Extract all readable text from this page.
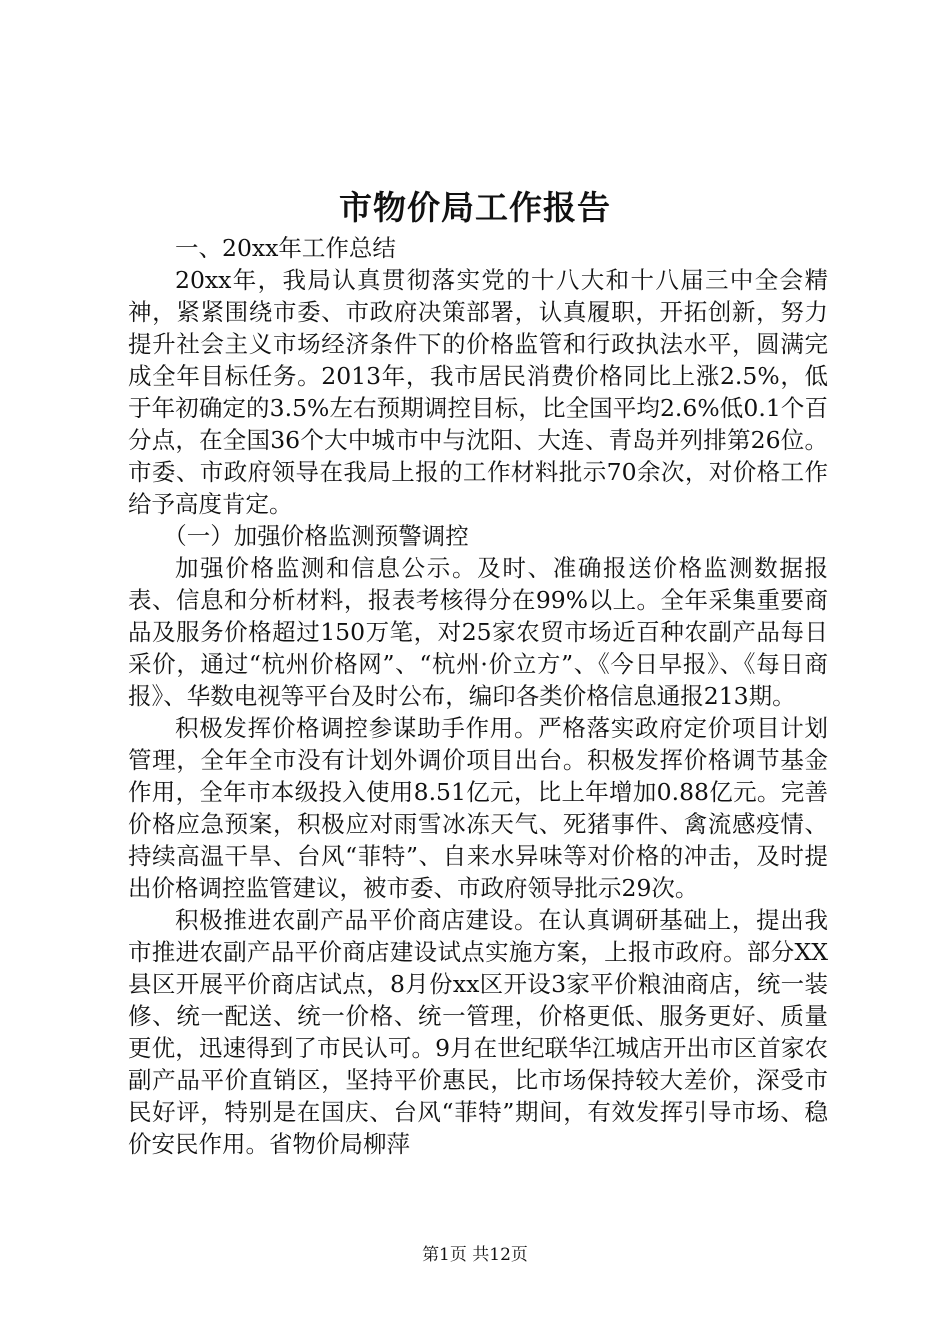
市物价局工作报告

一、20xx年工作总结

20xx年，我局认真贯彻落实党的十八大和十八届三中全会精神，紧紧围绕市委、市政府决策部署，认真履职，开拓创新，努力提升社会主义市场经济条件下的价格监管和行政执法水平，圆满完成全年目标任务。2013年，我市居民消费价格同比上涨2.5%，低于年初确定的3.5%左右预期调控目标，比全国平均2.6%低0.1个百分点，在全国36个大中城市中与沈阳、大连、青岛并列排第26位。市委、市政府领导在我局上报的工作材料批示70余次，对价格工作给予高度肯定。

（一）加强价格监测预警调控

加强价格监测和信息公示。及时、准确报送价格监测数据报表、信息和分析材料，报表考核得分在99%以上。全年采集重要商品及服务价格超过150万笔，对25家农贸市场近百种农副产品每日采价，通过“杭州价格网”、“杭州·价立方”、《今日早报》、《每日商报》、华数电视等平台及时公布，编印各类价格信息通报213期。

积极发挥价格调控参谋助手作用。严格落实政府定价项目计划管理，全年全市没有计划外调价项目出台。积极发挥价格调节基金作用，全年市本级投入使用8.51亿元，比上年增加0.88亿元。完善价格应急预案，积极应对雨雪冰冻天气、死猪事件、禽流感疫情、持续高温干旱、台风“菲特”、自来水异味等对价格的冲击，及时提出价格调控监管建议，被市委、市政府领导批示29次。

积极推进农副产品平价商店建设。在认真调研基础上，提出我市推进农副产品平价商店建设试点实施方案，上报市政府。部分XX县区开展平价商店试点，8月份xx区开设3家平价粮油商店，统一装修、统一配送、统一价格、统一管理，价格更低、服务更好、质量更优，迅速得到了市民认可。9月在世纪联华江城店开出市区首家农副产品平价直销区，坚持平价惠民，比市场保持较大差价，深受市民好评，特别是在国庆、台风“菲特”期间，有效发挥引导市场、稳价安民作用。省物价局柳萍

第1页 共12页
